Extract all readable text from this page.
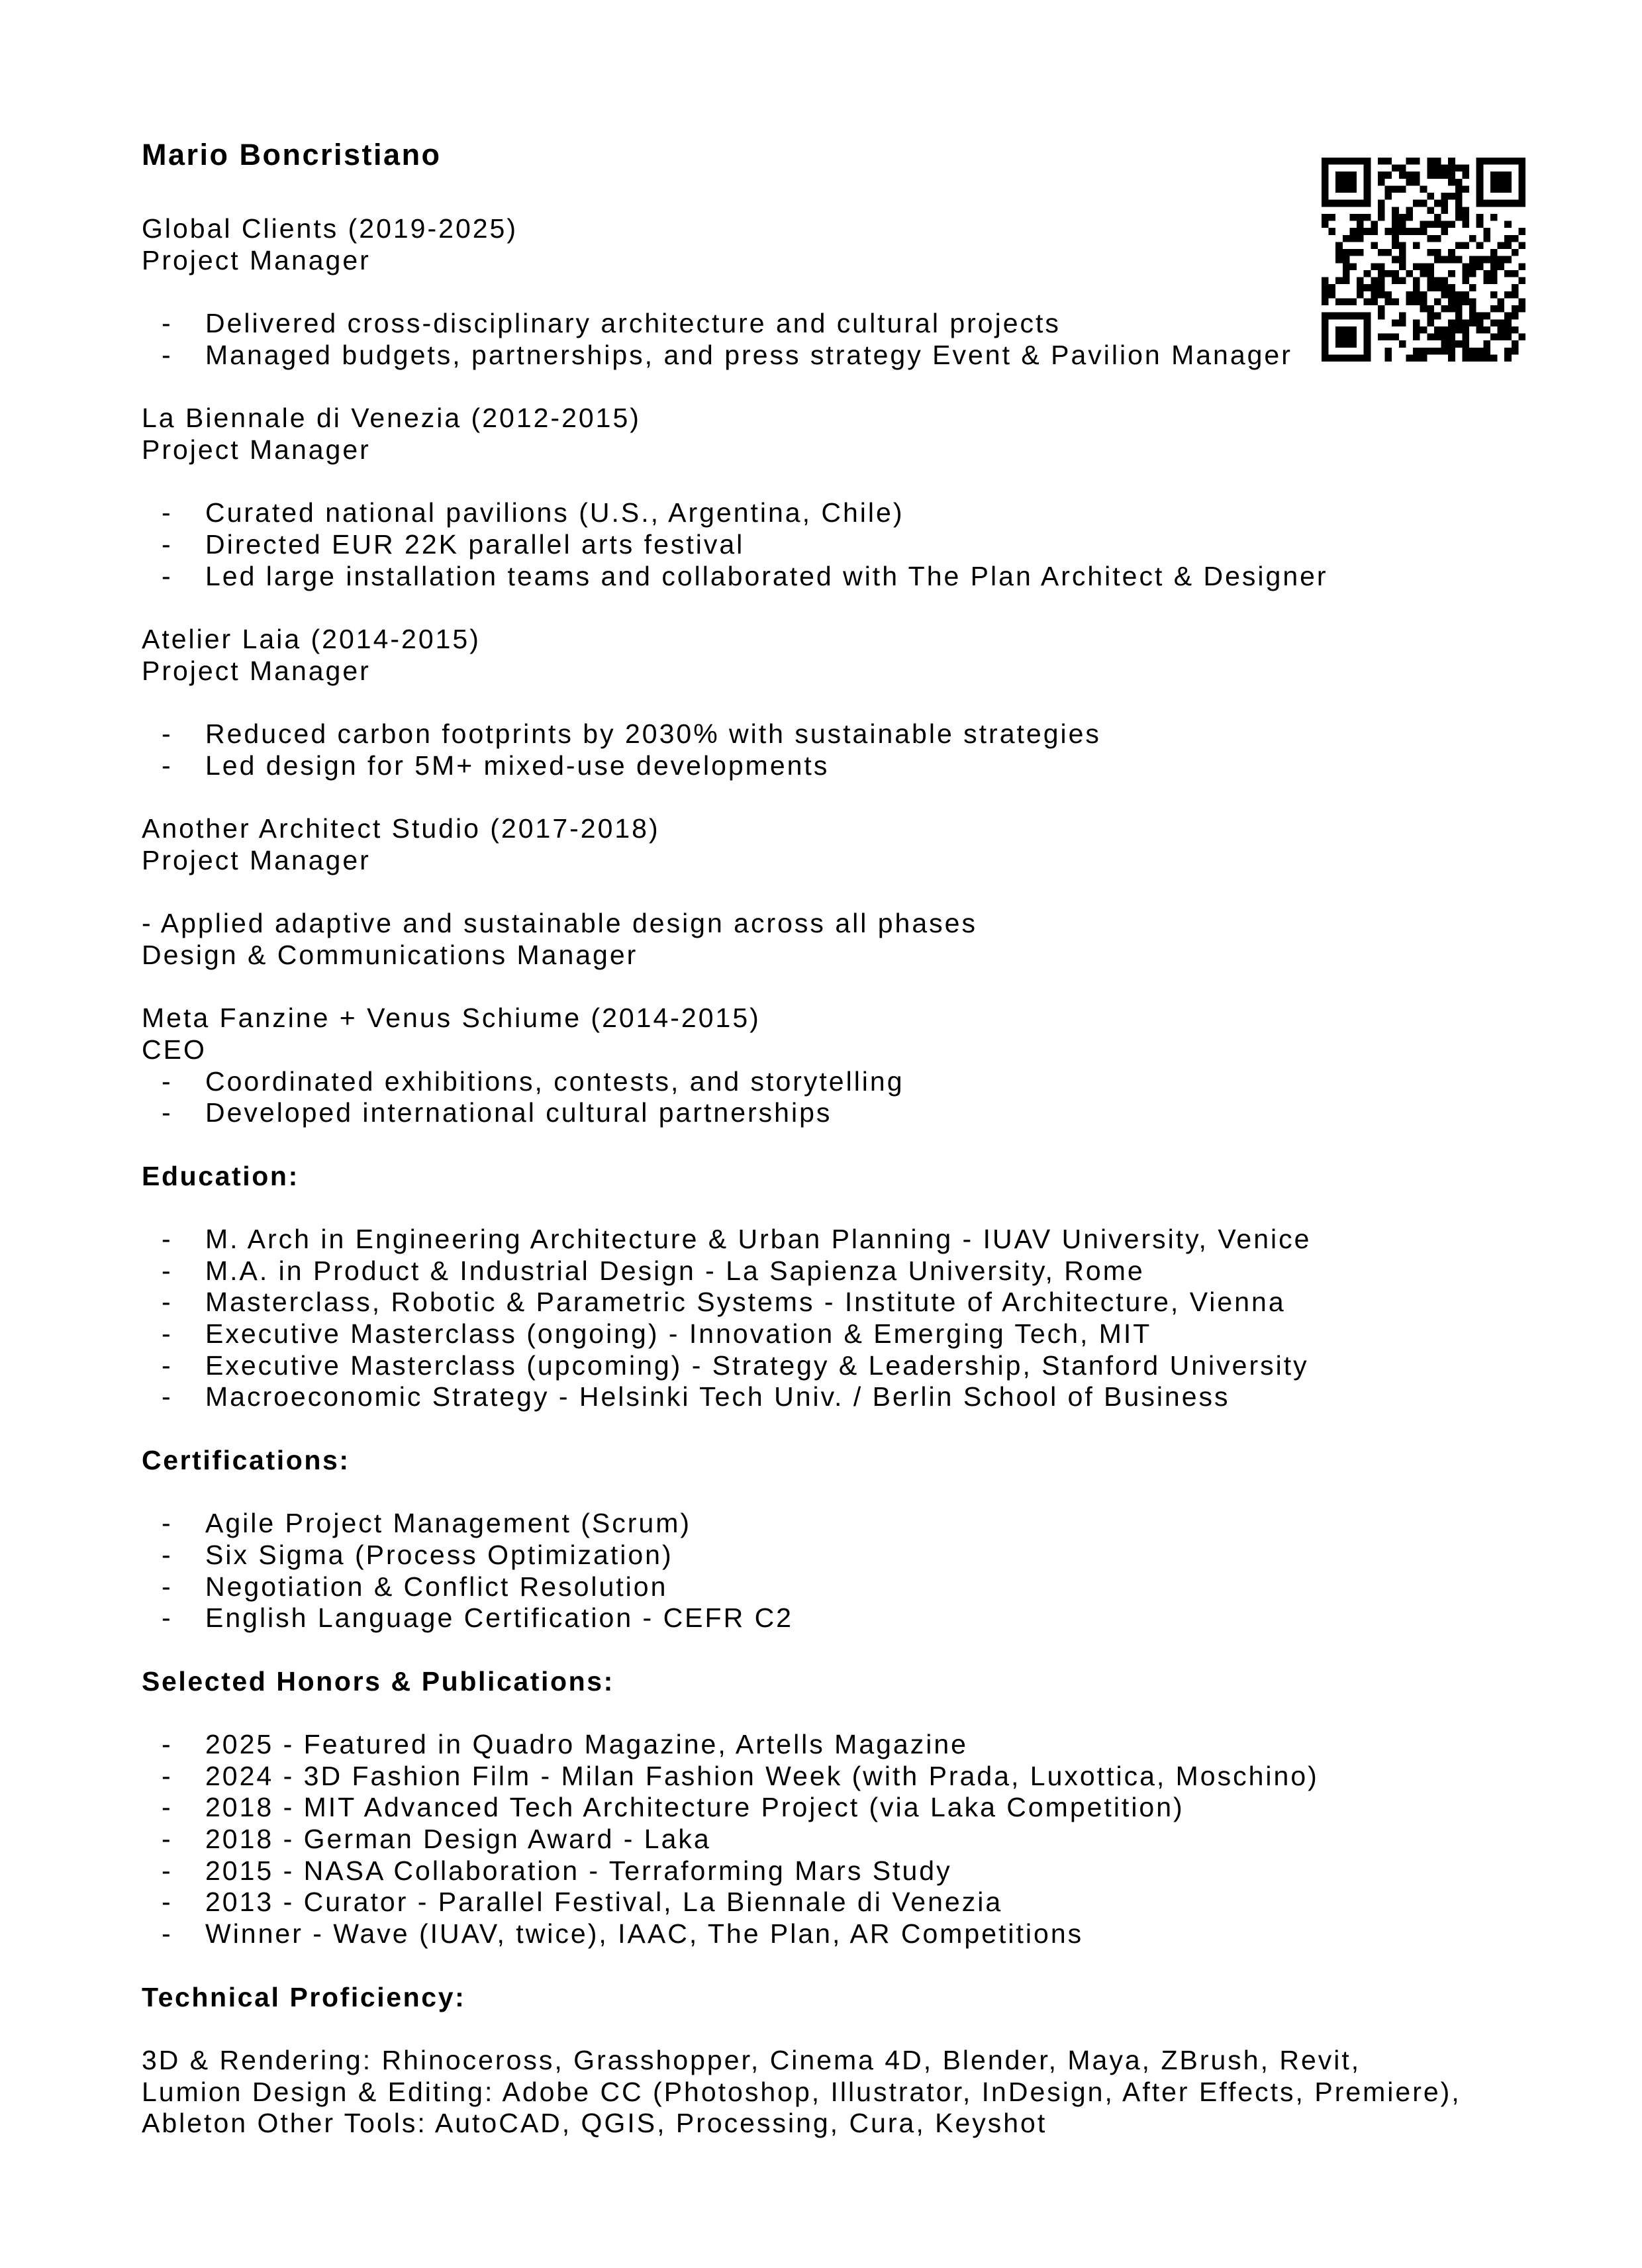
Mario Boncristiano
Global Clients (2019-2025)
Project Manager
- Delivered cross-disciplinary architecture and cultural projects
- Managed budgets, partnerships, and press strategy Event & Pavilion Manager
La Biennale di Venezia (2012-2015)
Project Manager
- Curated national pavilions (U.S., Argentina, Chile)
- Directed EUR 22K parallel arts festival
- Led large installation teams and collaborated with The Plan Architect & Designer
Atelier Laia (2014-2015)
Project Manager
- Reduced carbon footprints by 2030% with sustainable strategies
- Led design for 5M+ mixed-use developments
Another Architect Studio (2017-2018)
Project Manager
- Applied adaptive and sustainable design across all phases
Design & Communications Manager
Meta Fanzine + Venus Schiume (2014-2015)
CEO
- Coordinated exhibitions, contests, and storytelling
- Developed international cultural partnerships
Education:
- M. Arch in Engineering Architecture & Urban Planning - IUAV University, Venice
- M.A. in Product & Industrial Design - La Sapienza University, Rome
- Masterclass, Robotic & Parametric Systems - Institute of Architecture, Vienna
- Executive Masterclass (ongoing) - Innovation & Emerging Tech, MIT
- Executive Masterclass (upcoming) - Strategy & Leadership, Stanford University
- Macroeconomic Strategy - Helsinki Tech Univ. / Berlin School of Business
Certifications:
- Agile Project Management (Scrum)
- Six Sigma (Process Optimization)
- Negotiation & Conflict Resolution
- English Language Certification - CEFR C2
Selected Honors & Publications:
- 2025 - Featured in Quadro Magazine, Artells Magazine
- 2024 - 3D Fashion Film - Milan Fashion Week (with Prada, Luxottica, Moschino)
- 2018 - MIT Advanced Tech Architecture Project (via Laka Competition)
- 2018 - German Design Award - Laka
- 2015 - NASA Collaboration - Terraforming Mars Study
- 2013 - Curator - Parallel Festival, La Biennale di Venezia
- Winner - Wave (IUAV, twice), IAAC, The Plan, AR Competitions
Technical Proficiency:
3D & Rendering: Rhinoceross, Grasshopper, Cinema 4D, Blender, Maya, ZBrush, Revit,
Lumion Design & Editing: Adobe CC (Photoshop, Illustrator, InDesign, After Effects, Premiere),
Ableton Other Tools: AutoCAD, QGIS, Processing, Cura, Keyshot
